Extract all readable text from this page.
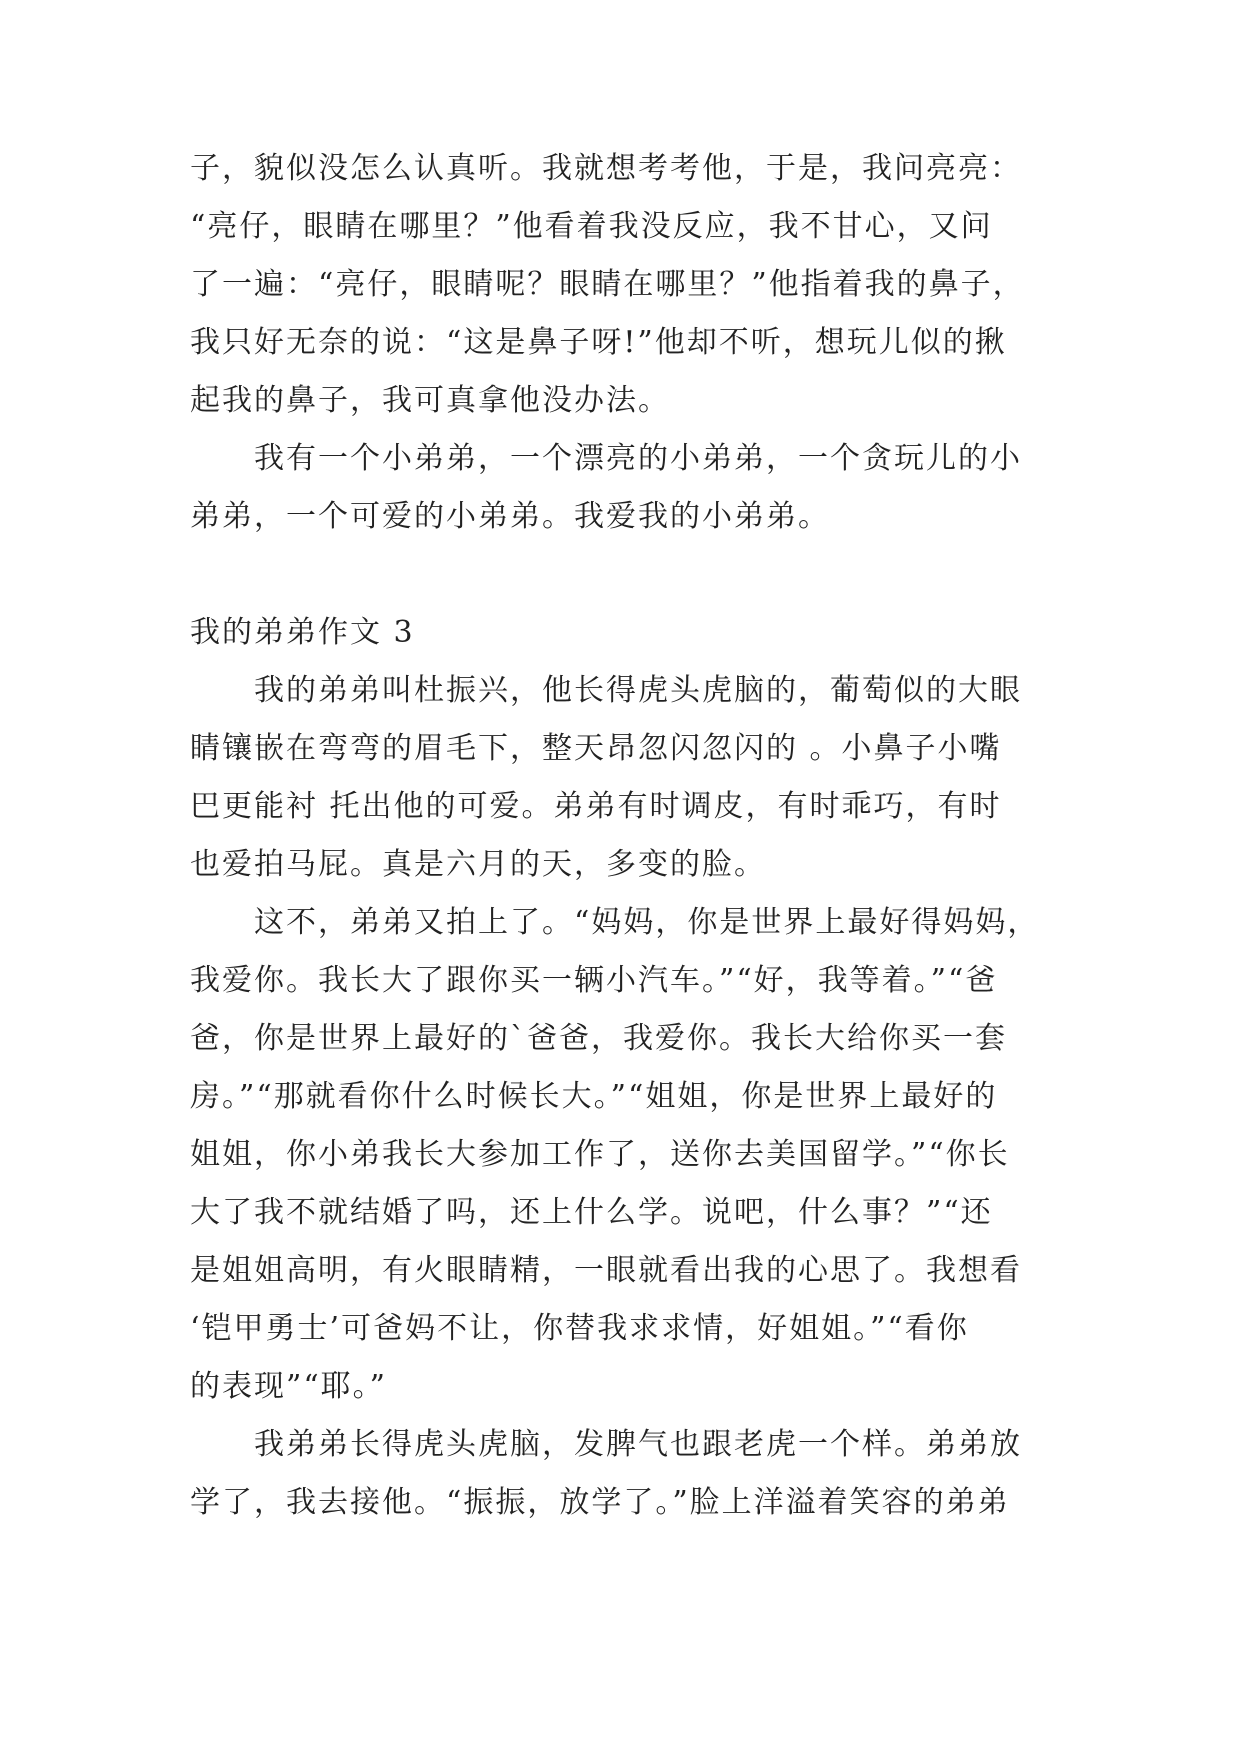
子，貌似没怎么认真听。我就想考考他，于是，我问亮亮：
“亮仔，眼睛在哪里？”他看着我没反应，我不甘心，又问
了一遍：“亮仔，眼睛呢？眼睛在哪里？”他指着我的鼻子，
我只好无奈的说：“这是鼻子呀!”他却不听，想玩儿似的揪
起我的鼻子，我可真拿他没办法。
　　我有一个小弟弟，一个漂亮的小弟弟，一个贪玩儿的小
弟弟，一个可爱的小弟弟。我爱我的小弟弟。
我的弟弟作文 3
　　我的弟弟叫杜振兴，他长得虎头虎脑的，葡萄似的大眼
睛镶嵌在弯弯的眉毛下，整天昂忽闪忽闪的 。小鼻子小嘴
巴更能衬 托出他的可爱。弟弟有时调皮，有时乖巧，有时
也爱拍马屁。真是六月的天，多变的脸。
　　这不，弟弟又拍上了。“妈妈，你是世界上最好得妈妈，
我爱你。我长大了跟你买一辆小汽车。”“好，我等着。”“爸
爸，你是世界上最好的`爸爸，我爱你。我长大给你买一套
房。”“那就看你什么时候长大。”“姐姐，你是世界上最好的
姐姐，你小弟我长大参加工作了，送你去美国留学。”“你长
大了我不就结婚了吗，还上什么学。说吧，什么事？”“还
是姐姐高明，有火眼睛精，一眼就看出我的心思了。我想看
‘铠甲勇士’可爸妈不让，你替我求求情，好姐姐。”“看你
的表现”“耶。”
　　我弟弟长得虎头虎脑，发脾气也跟老虎一个样。弟弟放
学了，我去接他。“振振，放学了。”脸上洋溢着笑容的弟弟
